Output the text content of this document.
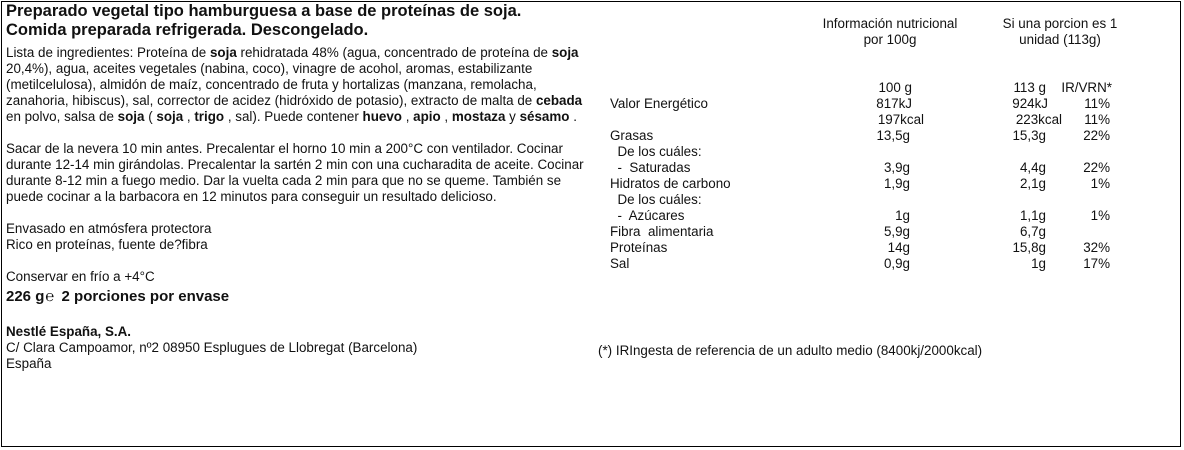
Preparado vegetal tipo hamburguesa a base de proteínas de soja.
Comida preparada refrigerada. Descongelado.

Lista de ingredientes: Proteína de soja rehidratada 48% (agua, concentrado de proteína de soja 20,4%), agua, aceites vegetales (nabina, coco), vinagre de acohol, aromas, estabilizante (metilcelulosa), almidón de maíz, concentrado de fruta y hortalizas (manzana, remolacha, zanahoria, hibiscus), sal, corrector de acidez (hidróxido de potasio), extracto de malta de cebada en polvo, salsa de soja ( soja , trigo , sal). Puede contener huevo , apio , mostaza y sésamo .

Sacar de la nevera 10 min antes. Precalentar el horno 10 min a 200°C con ventilador. Cocinar durante 12-14 min girándolas. Precalentar la sartén 2 min con una cucharadita de aceite. Cocinar durante 8-12 min a fuego medio. Dar la vuelta cada 2 min para que no se queme. También se puede cocinar a la barbacora en 12 minutos para conseguir un resultado delicioso.

Envasado en atmósfera protectora

Rico en proteínas, fuente de?fibra

Conservar en frío a +4°C

226 g℮ 2 porciones por envase
Nestlé España, S.A.
C/ Clara Campoamor, nº2 08950 Esplugues de Llobregat (Barcelona)
España
Información nutricional
por 100g
Si una porcion es 1
unidad (113g)
100 g	113 g	IR/VRN*
Valor Energético	817kJ	924kJ	11%
197kcal	223kcal	11%
Grasas	13,5g	15,3g	22%
De los cuáles:
-  Saturadas	3,9g	4,4g	22%
Hidratos de carbono	1,9g	2,1g	1%
De los cuáles:
-  Azúcares	1g	1,1g	1%
Fibra  alimentaria	5,9g	6,7g
Proteínas	14g	15,8g	32%
Sal	0,9g	1g	17%
(*) IRIngesta de referencia de un adulto medio (8400kj/2000kcal)
